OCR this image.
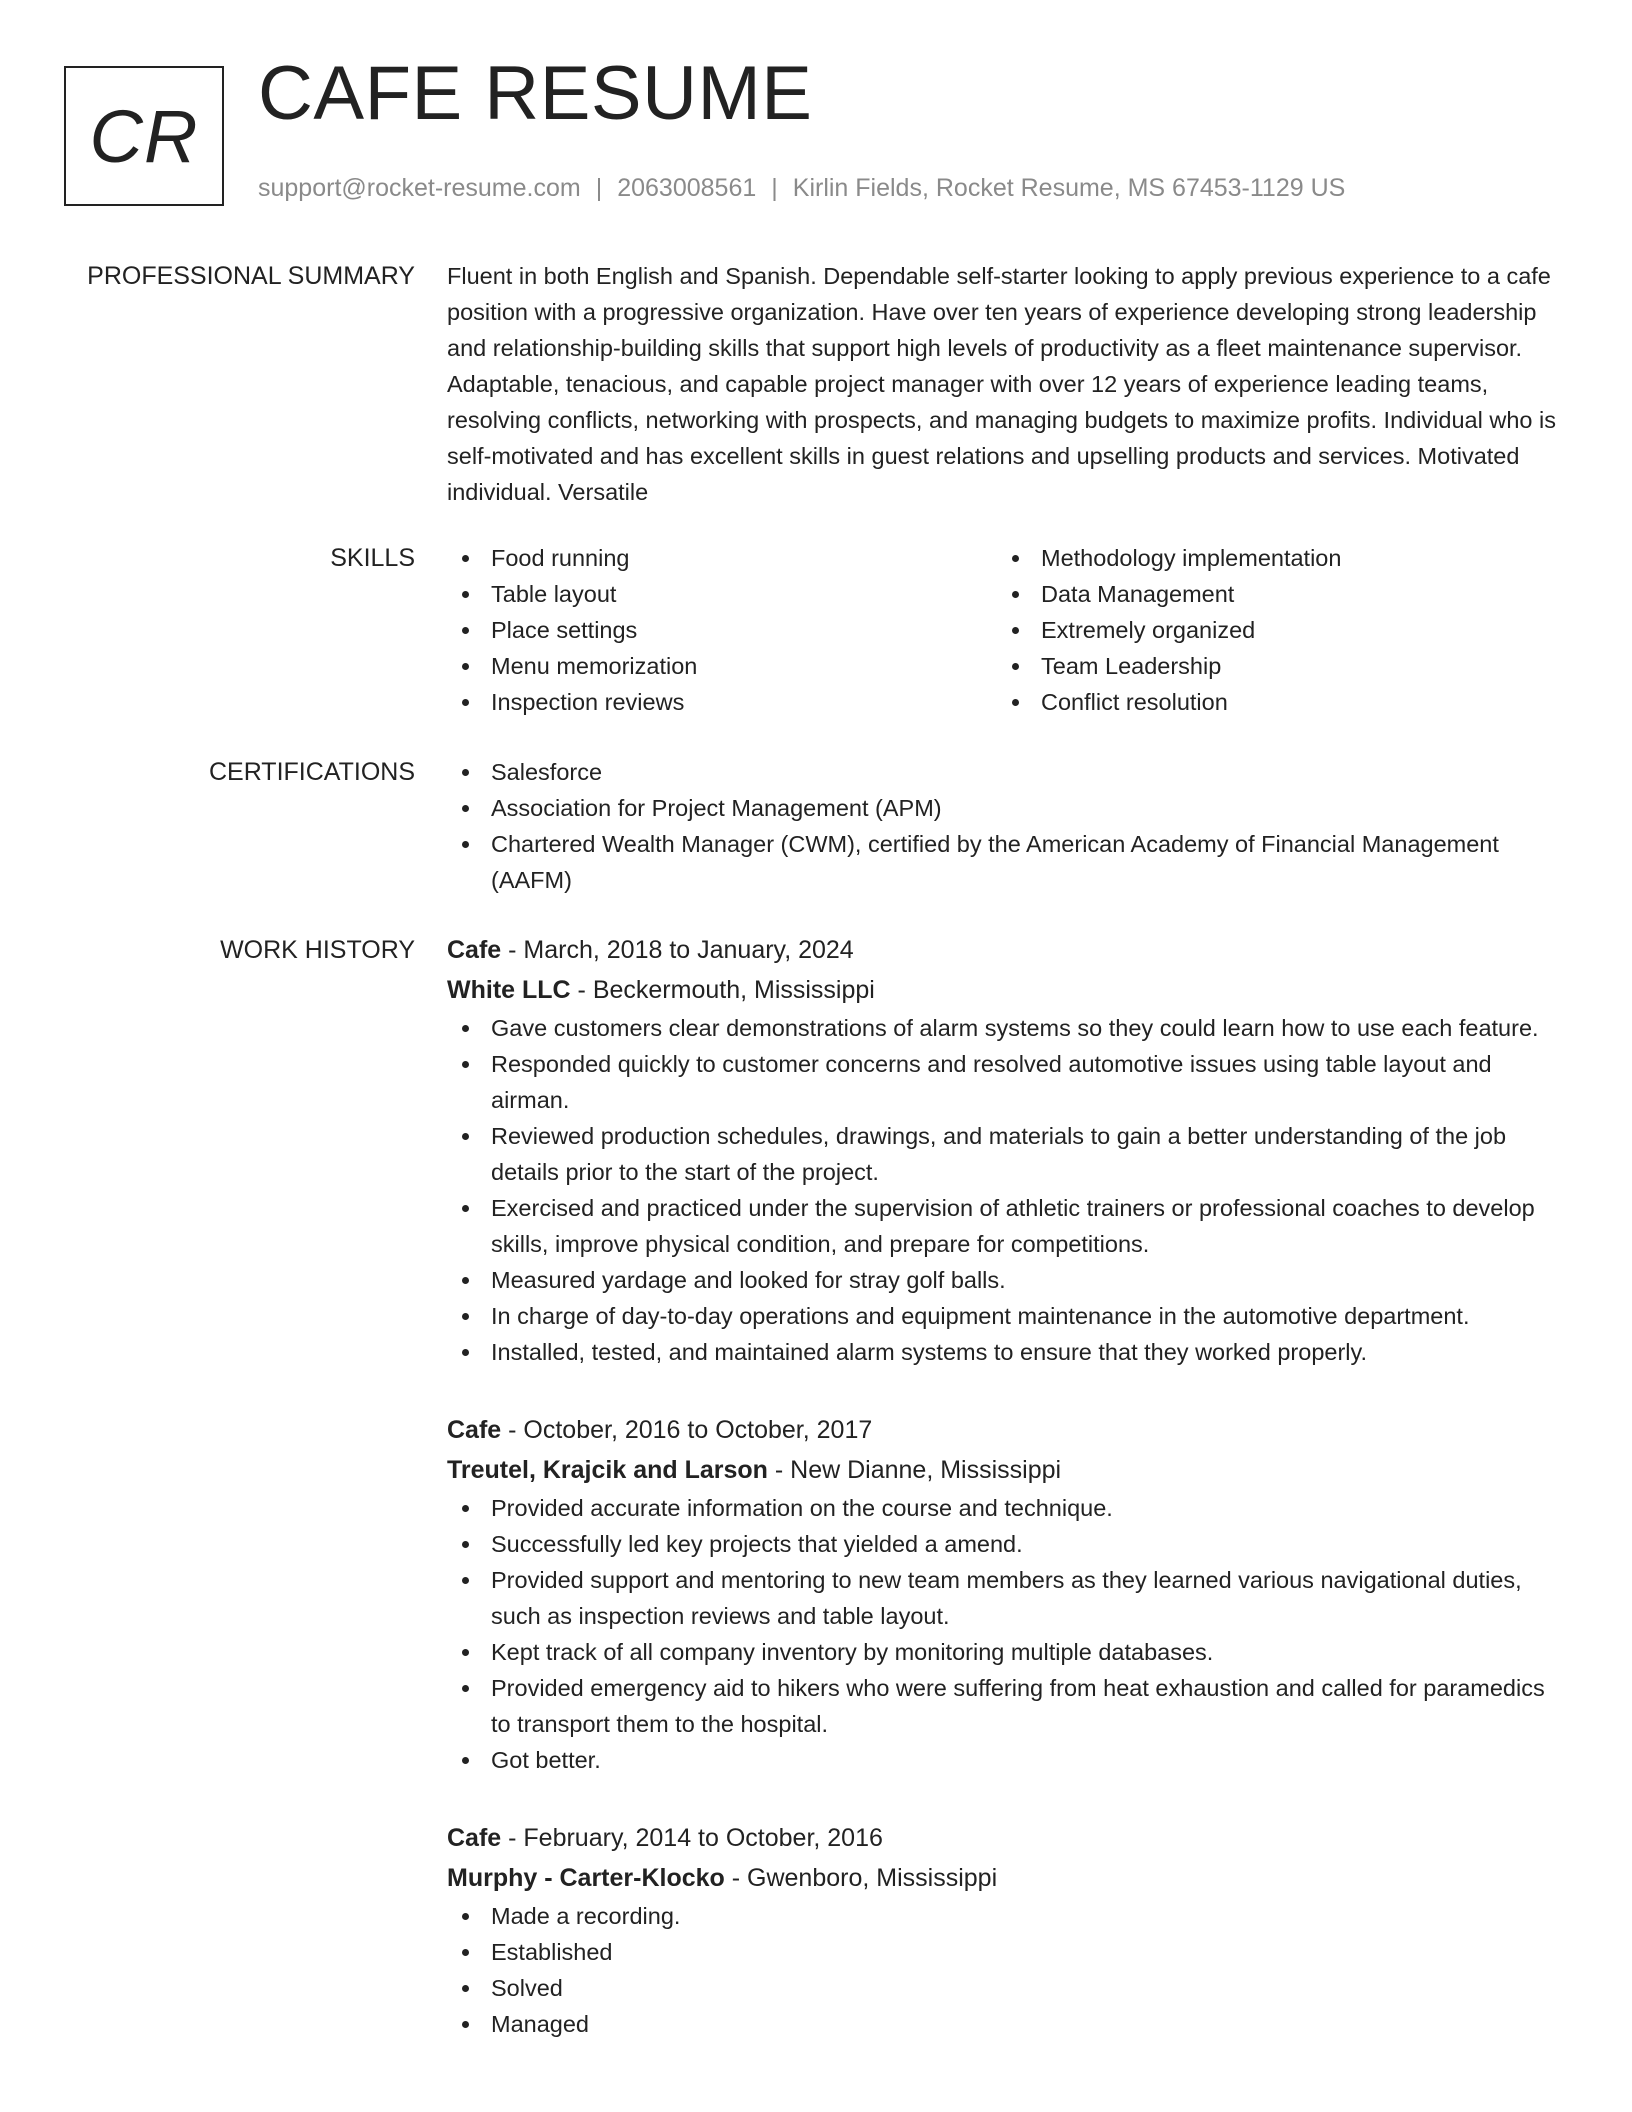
CR CAFE RESUME
support@rocket-resume.com | 2063008561 | Kirlin Fields, Rocket Resume, MS 67453-1129 US
PROFESSIONAL SUMMARY Fluent in both English and Spanish. Dependable self-starter looking to apply previous experience to a cafe position with a progressive organization. Have over ten years of experience developing strong leadership and relationship-building skills that support high levels of productivity as a fleet maintenance supervisor. Adaptable, tenacious, and capable project manager with over 12 years of experience leading teams, resolving conflicts, networking with prospects, and managing budgets to maximize profits. Individual who is self-motivated and has excellent skills in guest relations and upselling products and services. Motivated individual. Versatile

SKILLS	Food running
Table layout
Place settings
Menu memorization
Inspection reviews
Methodology implementation
Data Management
Extremely organized
Team Leadership
Conflict resolution
CERTIFICATIONS	Salesforce
Association for Project Management (APM)
Chartered Wealth Manager (CWM), certified by the American Academy of Financial Management (AAFM)
WORK HISTORY Cafe - March, 2018 to January, 2024
White LLC - Beckermouth, Mississippi
Gave customers clear demonstrations of alarm systems so they could learn how to use each feature.
Responded quickly to customer concerns and resolved automotive issues using table layout and airman.
Reviewed production schedules, drawings, and materials to gain a better understanding of the job details prior to the start of the project.
Exercised and practiced under the supervision of athletic trainers or professional coaches to develop skills, improve physical condition, and prepare for competitions.
Measured yardage and looked for stray golf balls.
In charge of day-to-day operations and equipment maintenance in the automotive department.
Installed, tested, and maintained alarm systems to ensure that they worked properly.
Cafe - October, 2016 to October, 2017
Treutel, Krajcik and Larson - New Dianne, Mississippi
Provided accurate information on the course and technique.
Successfully led key projects that yielded a amend.
Provided support and mentoring to new team members as they learned various navigational duties, such as inspection reviews and table layout.
Kept track of all company inventory by monitoring multiple databases.
Provided emergency aid to hikers who were suffering from heat exhaustion and called for paramedics to transport them to the hospital.
Got better.
Cafe - February, 2014 to October, 2016
Murphy - Carter-Klocko - Gwenboro, Mississippi
Made a recording.
Established
Solved
Managed
